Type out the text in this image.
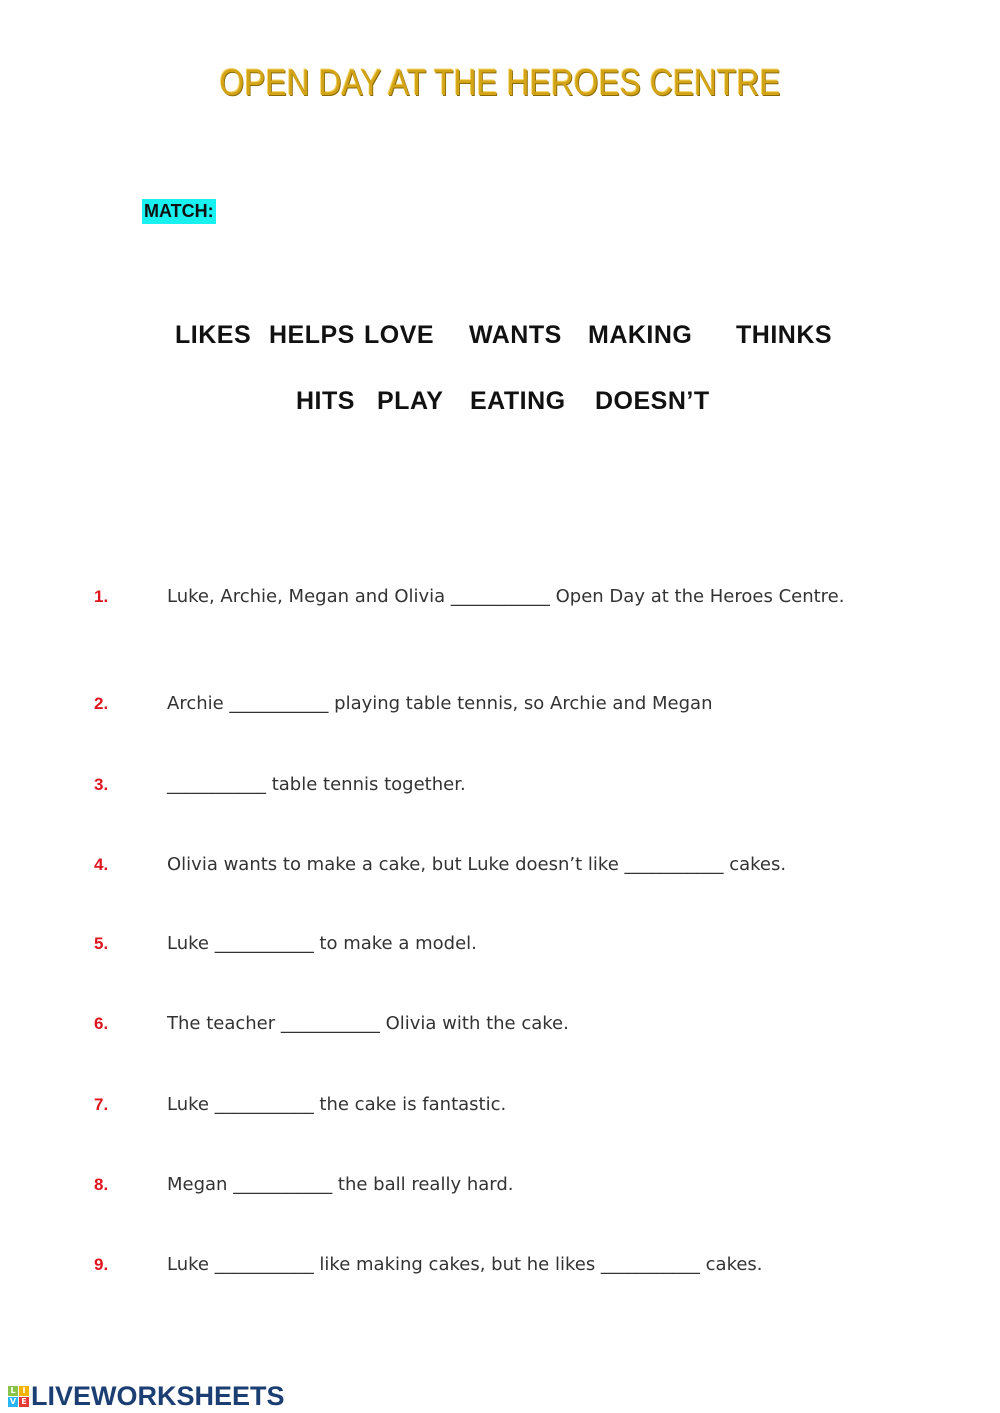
OPEN DAY AT THE HEROES CENTRE
MATCH:
LIKES HELPS LOVE WANTS MAKING THINKS
HITS PLAY EATING DOESN’T
1.	Luke, Archie, Megan and Olivia ___________ Open Day at the Heroes Centre.
2.	Archie ___________ playing table tennis, so Archie and Megan
3.	___________ table tennis together.
4.	Olivia wants to make a cake, but Luke doesn’t like ___________ cakes.
5.	Luke ___________ to make a model.
6.	The teacher ___________ Olivia with the cake.
7.	Luke ___________ the cake is fantastic.
8.	Megan ___________ the ball really hard.
9.	Luke ___________ like making cakes, but he likes ___________ cakes.
L I
V E LIVEWORKSHEETS
